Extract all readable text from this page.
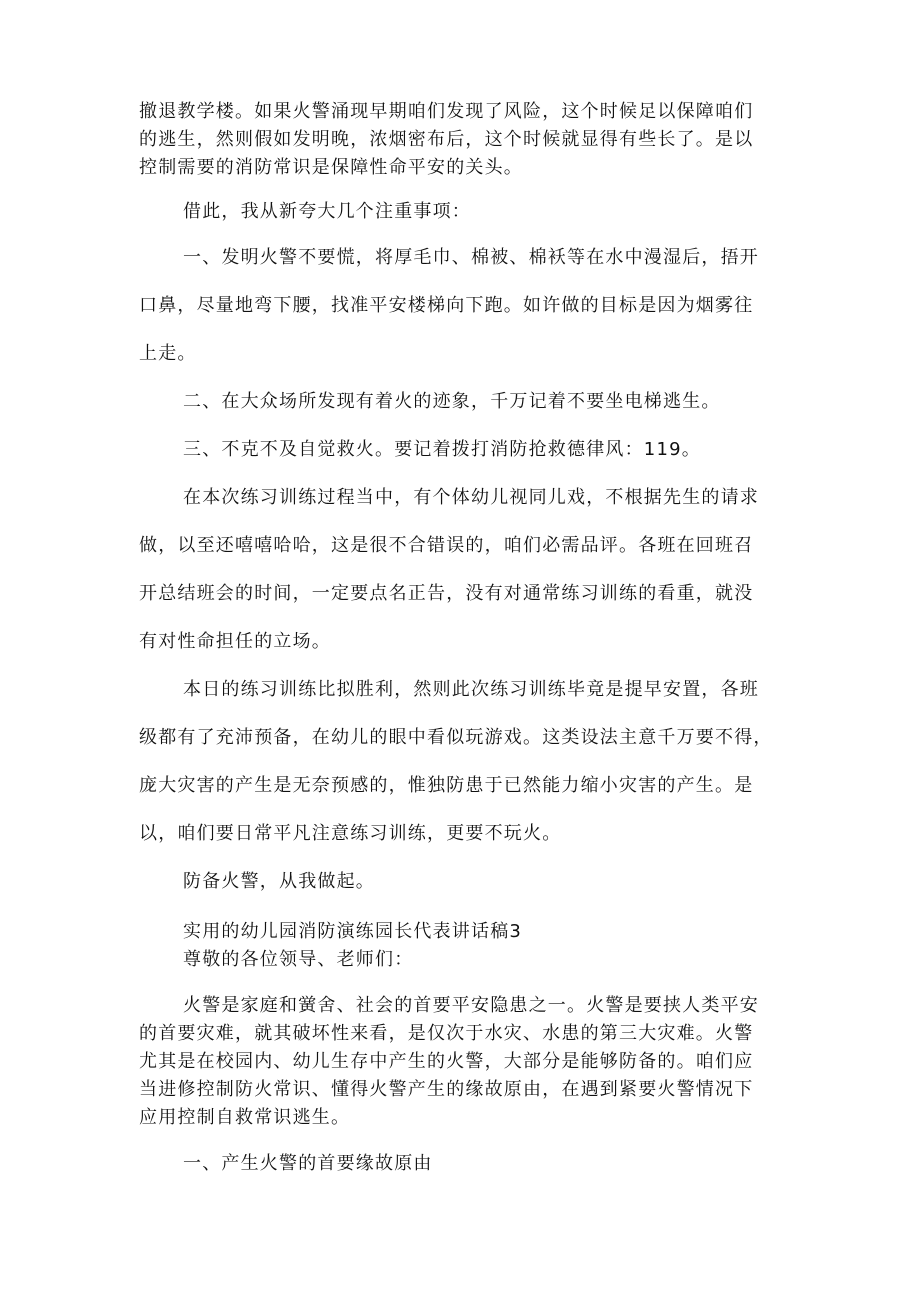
撤退教学楼。如果火警涌现早期咱们发现了风险，这个时候足以保障咱们
的逃生，然则假如发明晚，浓烟密布后，这个时候就显得有些长了。是以
控制需要的消防常识是保障性命平安的关头。
借此，我从新夸大几个注重事项：
一、发明火警不要慌，将厚毛巾、棉被、棉袄等在水中漫湿后，捂开
口鼻，尽量地弯下腰，找准平安楼梯向下跑。如许做的目标是因为烟雾往
上走。
二、在大众场所发现有着火的迹象，千万记着不要坐电梯逃生。
三、不克不及自觉救火。要记着拨打消防抢救德律风：119。
在本次练习训练过程当中，有个体幼儿视同儿戏，不根据先生的请求
做，以至还嘻嘻哈哈，这是很不合错误的，咱们必需品评。各班在回班召
开总结班会的时间，一定要点名正告，没有对通常练习训练的看重，就没
有对性命担任的立场。
本日的练习训练比拟胜利，然则此次练习训练毕竟是提早安置，各班
级都有了充沛预备，在幼儿的眼中看似玩游戏。这类设法主意千万要不得，
庞大灾害的产生是无奈预感的，惟独防患于已然能力缩小灾害的产生。是
以，咱们要日常平凡注意练习训练，更要不玩火。
防备火警，从我做起。
实用的幼儿园消防演练园长代表讲话稿3
尊敬的各位领导、老师们：
火警是家庭和黉舍、社会的首要平安隐患之一。火警是要挟人类平安
的首要灾难，就其破坏性来看，是仅次于水灾、水患的第三大灾难。火警
尤其是在校园内、幼儿生存中产生的火警，大部分是能够防备的。咱们应
当进修控制防火常识、懂得火警产生的缘故原由，在遇到紧要火警情况下
应用控制自救常识逃生。
一、产生火警的首要缘故原由
